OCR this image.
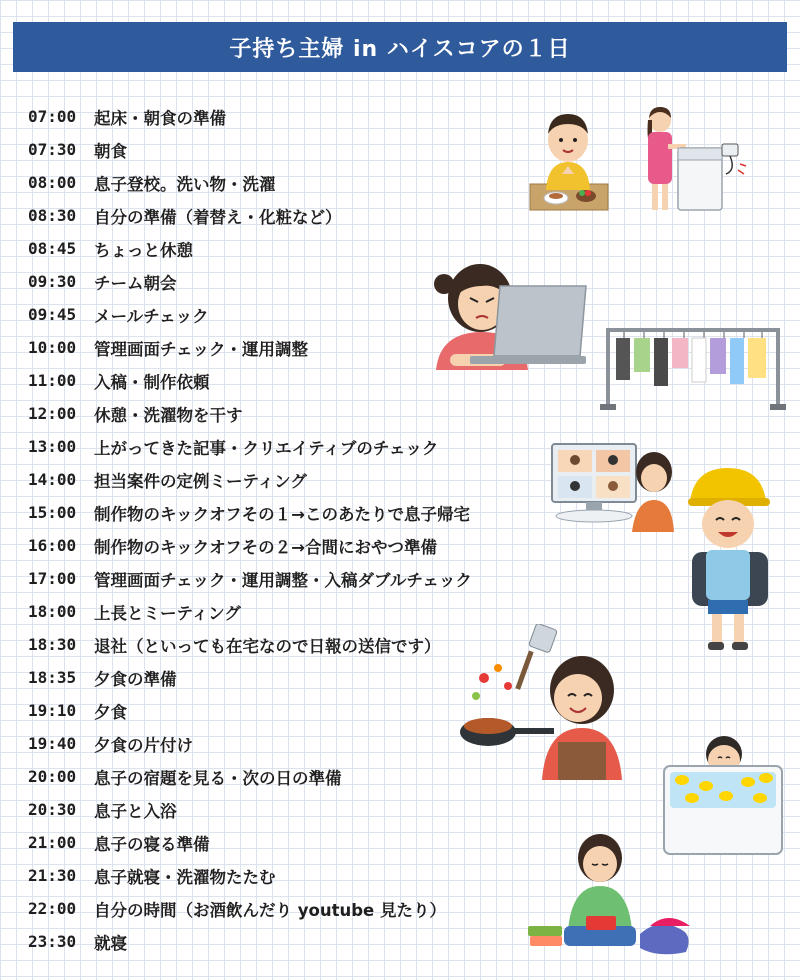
子持ち主婦 in ハイスコアの１日
07:00	起床・朝食の準備
07:30	朝食
08:00	息子登校。洗い物・洗濯
08:30	自分の準備（着替え・化粧など）
08:45	ちょっと休憩
09:30	チーム朝会
09:45	メールチェック
10:00	管理画面チェック・運用調整
11:00	入稿・制作依頼
12:00	休憩・洗濯物を干す
13:00	上がってきた記事・クリエイティブのチェック
14:00	担当案件の定例ミーティング
15:00	制作物のキックオフその１→このあたりで息子帰宅
16:00	制作物のキックオフその２→合間におやつ準備
17:00	管理画面チェック・運用調整・入稿ダブルチェック
18:00	上長とミーティング
18:30	退社（といっても在宅なので日報の送信です）
18:35	夕食の準備
19:10	夕食
19:40	夕食の片付け
20:00	息子の宿題を見る・次の日の準備
20:30	息子と入浴
21:00	息子の寝る準備
21:30	息子就寝・洗濯物たたむ
22:00	自分の時間（お酒飲んだり youtube 見たり）
23:30	就寝
